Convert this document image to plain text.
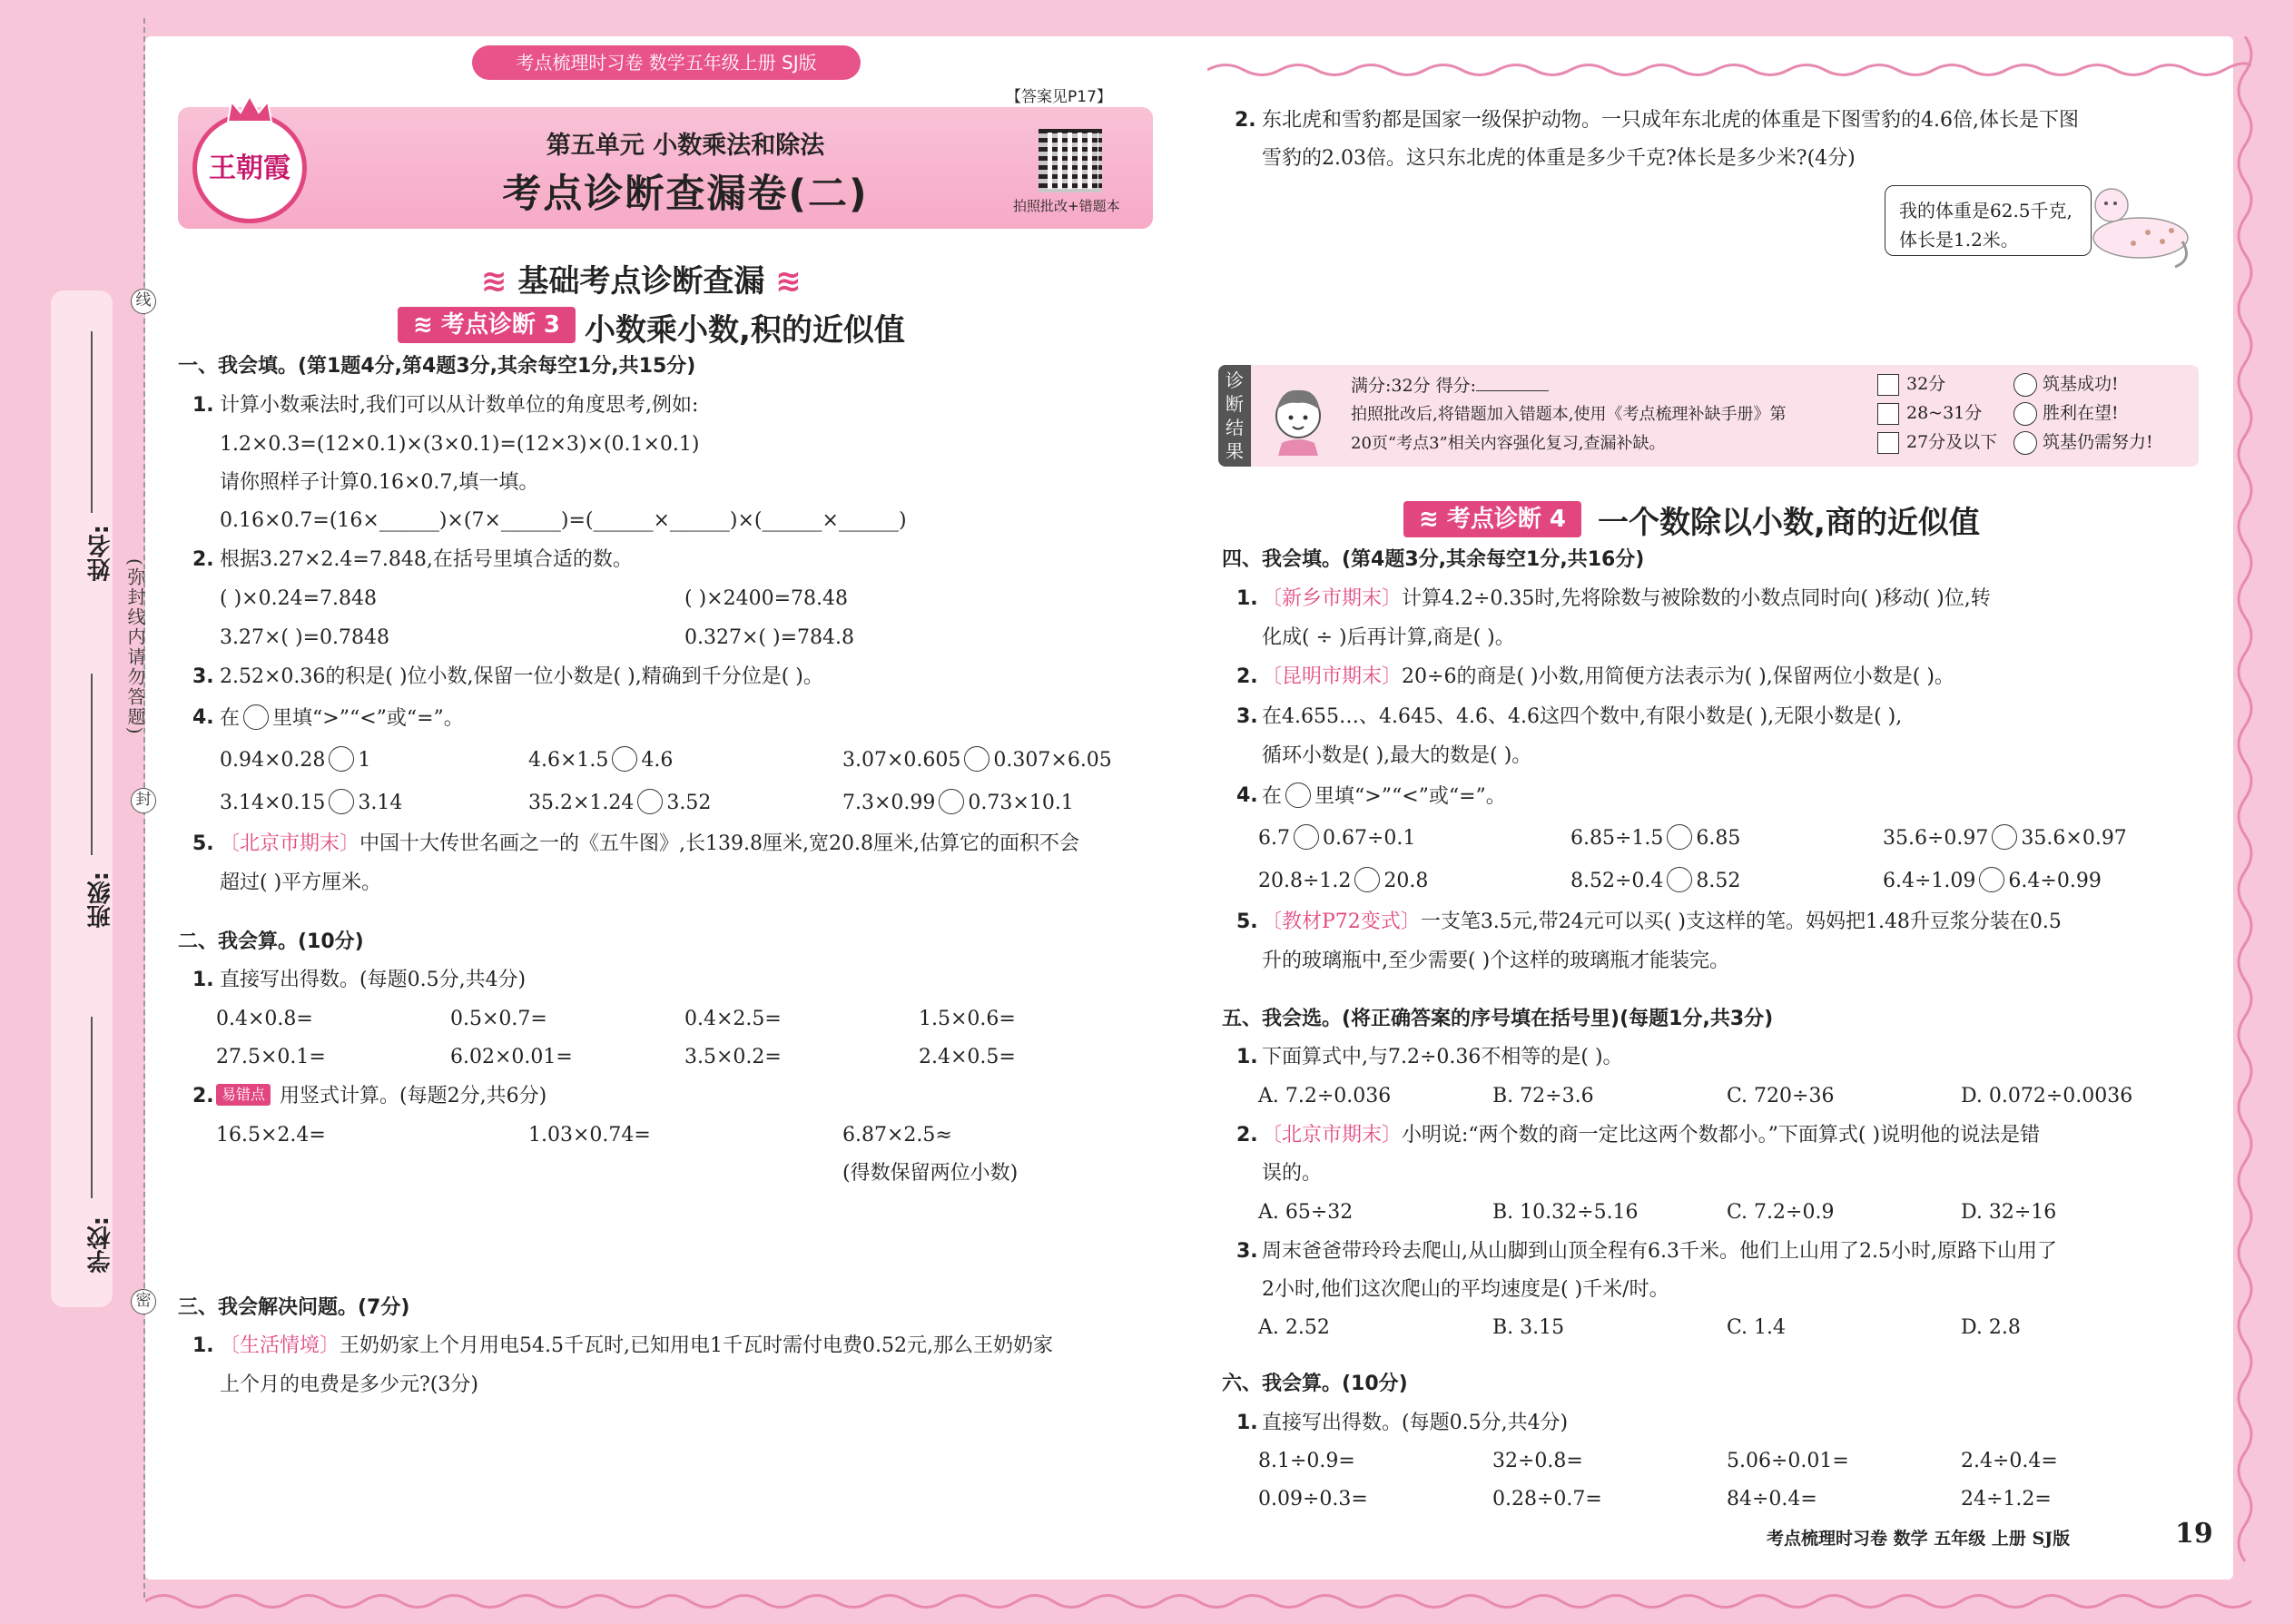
姓名:
班级:
学校:
(弥封线内请勿答题)
线
封
密
考点梳理时习卷 数学五年级上册 SJ版
王朝霞
第五单元 小数乘法和除法
考点诊断查漏卷(二)
【答案见P17】
拍照批改+错题本
≋ 基础考点诊断查漏 ≋
≋ 考点诊断 3 小数乘小数,积的近似值
一、我会填。(第1题4分,第4题3分,其余每空1分,共15分)
1. 计算小数乘法时,我们可以从计数单位的角度思考,例如:
1.2×0.3=(12×0.1)×(3×0.1)=(12×3)×(0.1×0.1)
请你照样子计算0.16×0.7,填一填。
0.16×0.7=(16×______)×(7×______)=(______×______)×(______×______)
2. 根据3.27×2.4=7.848,在括号里填合适的数。
( )×0.24=7.848	( )×2400=78.48
3.27×( )=0.7848	0.327×( )=784.8
3. 2.52×0.36的积是( )位小数,保留一位小数是( ),精确到千分位是( )。
4. 在 里填“>”“<”或“=”。
0.94×0.28 1	4.6×1.5 4.6	3.07×0.605 0.307×6.05
3.14×0.15 3.14	35.2×1.24 3.52	7.3×0.99 0.73×10.1
5. 〔北京市期末〕中国十大传世名画之一的《五牛图》,长139.8厘米,宽20.8厘米,估算它的面积不会
超过( )平方厘米。
二、我会算。(10分)
1. 直接写出得数。(每题0.5分,共4分)
0.4×0.8=	0.5×0.7=	0.4×2.5=	1.5×0.6=
27.5×0.1=	6.02×0.01=	3.5×0.2=	2.4×0.5=
2. 易错点 用竖式计算。(每题2分,共6分)
16.5×2.4=	1.03×0.74=	6.87×2.5≈
(得数保留两位小数)
三、我会解决问题。(7分)
1. 〔生活情境〕王奶奶家上个月用电54.5千瓦时,已知用电1千瓦时需付电费0.52元,那么王奶奶家
上个月的电费是多少元?(3分)
2. 东北虎和雪豹都是国家一级保护动物。一只成年东北虎的体重是下图雪豹的4.6倍,体长是下图
雪豹的2.03倍。这只东北虎的体重是多少千克?体长是多少米?(4分)
我的体重是62.5千克,
体长是1.2米。
诊断结果
满分:32分 得分:
拍照批改后,将错题加入错题本,使用《考点梳理补缺手册》第
20页“考点3”相关内容强化复习,查漏补缺。
32分	筑基成功!
28~31分	胜利在望!
27分及以下	筑基仍需努力!
≋ 考点诊断 4	一个数除以小数,商的近似值
四、我会填。(第4题3分,其余每空1分,共16分)
1. 〔新乡市期末〕计算4.2÷0.35时,先将除数与被除数的小数点同时向( )移动( )位,转
化成( ÷ )后再计算,商是( )。
2. 〔昆明市期末〕20÷6的商是( )小数,用简便方法表示为( ),保留两位小数是( )。
3. 在4.655…、4.645、4.6̇、4.6这四个数中,有限小数是( ),无限小数是( ),
循环小数是( ),最大的数是( )。
4. 在 里填“>”“<”或“=”。
6.7 0.67÷0.1	6.85÷1.5 6.85	35.6÷0.97 35.6×0.97
20.8÷1.2 20.8	8.52÷0.4 8.52	6.4÷1.09 6.4÷0.99
5. 〔教材P72变式〕一支笔3.5元,带24元可以买( )支这样的笔。妈妈把1.48升豆浆分装在0.5
升的玻璃瓶中,至少需要( )个这样的玻璃瓶才能装完。
五、我会选。(将正确答案的序号填在括号里)(每题1分,共3分)
1. 下面算式中,与7.2÷0.36不相等的是( )。
A. 7.2÷0.036	B. 72÷3.6	C. 720÷36	D. 0.072÷0.0036
2. 〔北京市期末〕小明说:“两个数的商一定比这两个数都小。”下面算式( )说明他的说法是错
误的。
A. 65÷32	B. 10.32÷5.16	C. 7.2÷0.9	D. 32÷16
3. 周末爸爸带玲玲去爬山,从山脚到山顶全程有6.3千米。他们上山用了2.5小时,原路下山用了
2小时,他们这次爬山的平均速度是( )千米/时。
A. 2.52	B. 3.15	C. 1.4	D. 2.8
六、我会算。(10分)
1. 直接写出得数。(每题0.5分,共4分)
8.1÷0.9=	32÷0.8=	5.06÷0.01=	2.4÷0.4=
0.09÷0.3=	0.28÷0.7=	84÷0.4=	24÷1.2=
考点梳理时习卷 数学 五年级 上册 SJ版	19
